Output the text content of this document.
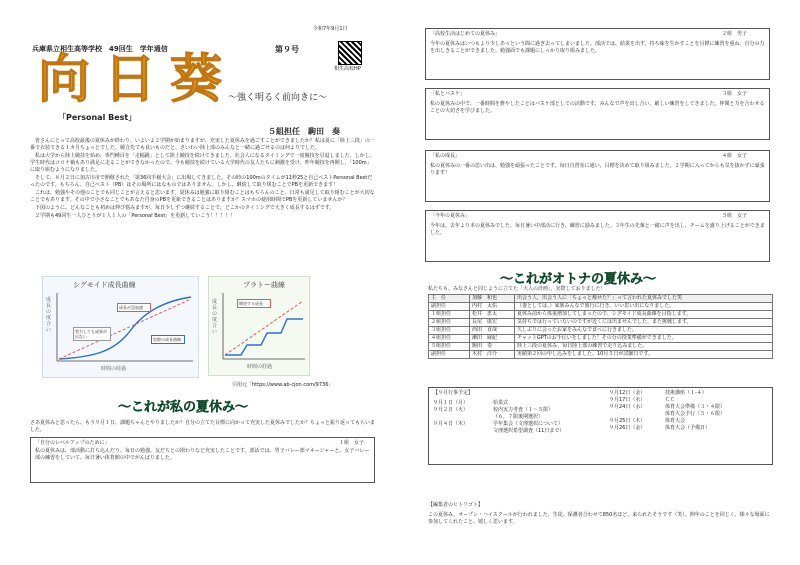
令和7年9月1日
兵庫県立相生高等学校　49回生　学年通信	第９号
相生高校HP
向 日 葵 ～強く明るく前向きに～
「Personal Best」
５組担任　駒田　奏

皆さんにとって高校最後の夏休みが終わり、いよいよ２学期が始まりますが、充実した夏休みを過ごすことができましたか？私は夏に「陸上三段」の一番で衣装できる１カ月ちょっとでした。競合先でも良いものだと、さいわい陸上部のみんなと一緒に過ごせるのは何よりでした。

私は大学から陸上競技を始め、専門種目を「走幅跳」として陸上競技を続けてきました。社会人になるタイミングで一度競技を引退しました。しかし、学生時代はコロナ禍もあり満足に走ることができなかったので、今も競技を続けている大学時代の友人たちに刺激を受け、昨年競技を再開し、「100m」に取り組むようになりました。

そして、８月２日に加古川市で開催された「第36回手稲大会」に出場してきました。その時の100mのタイムが11秒25と自己ベストPersonal Bestだったのです。もちろん、自己ベスト（PB）はその場所にはなものではありません。しかし、継続して取り組むことでPBを更新できます！

これは、勉強やその他のことでも同じことが言えると思います。夏休みは勉強に取り組むことはもちろんのこと、日常も満足して取り組むことが大切なことでもあります。その中で小さなことでもあなた自身のPBを更新できることはありますか？スマホの使用時間でPBを更新していませんか？

下図のように、どんなことも初めは伸び悩みますが、毎日少しずつ継続することで、どこかのタイミングで大きく成長するはずです。

２学期も49回生一人ひとりが１人１人の「Personal Best」を更新していこう！！！！！

シグモイド成長曲線
成長の度合い
時間の経過
努力しても成果が出ない
成長が急加速
実際の成長曲線
プラトー曲線
成長の度合い
時間の経過
期待する成長
引用元「https://www.ab-cjon.com/9736」
～これが私の夏休み～
さあ夏休みと思ったら、もう９月１日、課題ちゃんとやりましたか？自分の立てた目標に向かって充実した夏休みでしたか？ちょっと振り返ってもらいました。
「自分のレベルアップのために」	１組　女子
私の夏休みは、部活動に打ち込んだり、毎日の勉強。友だちとの関わりなど充実したことです。部活では、男子バレー部マネージャーと、女子バレー部の練習をしていて、毎日暑い体育館の中でがんばりました。
「高校生活はじめての夏休み」	２組　男子
今年の夏休みはいつもより少しあっという間に過ぎ去ってしまいました。部活では、結果を出す、持ち味を生かすことを目標に練習を重ね、自分の力を出しきることができました。勉強面でも課題にしっかり取り組みました。
「私とバスケ」	３組　女子
私の夏休みの中で、一番時間を費やしたことはバスケ部としての活動です。みんなで声を出し合い、厳しい練習をしてきました。仲間と力を合わせることの大切さを学びました。
「私の成長」	４組　女子
私の夏休みの一番の思い出は、勉強を頑張ったことです。毎日自習室に通い、目標を決めて取り組みました。２学期に入ってからも気を抜かずに頑張ります！
「今年の夏休み」	５組　女子
今年は、去年より本の夏休みでした。毎日暑い中部活に行き、練習に励みました。３年生の先輩と一緒に声を出し、チームを盛り上げることができました。
～これがオトナの夏休み～
私たちも、みなさんと同じように立てた「大人の計画」、実際しておりました！
主　任	加藤　和也	出会う人、出会う人に「ちょっと痩せた？」って言われた夏休みでした笑
副担任	内村　太佑	（妻としては、）家族みんなで旅行に行き、いい思い出になりました。
１組担任	松井　恵太	夏休み前から体重増加してしまったので、シグモイド成長曲線を目指します。
２組担任	長尾　康宏	気持ちでは行っていないのですが近くには出ませんでした、また挑戦します。
３組担任	西田　直哉	久しぶりに会ったお家をみんなで食べに行きました。
４組担任	瀬田　麻紀	チャットGPTのお手伝いをしました！その分の授業準備ができました。
５組担任	駒田　奏	陸上三段の夏休み、毎日陸上部の練習で走り込みました。
副担任	木村　洋介	実績第２回の申し込みをしました。10月５日が試験日です。
【９月行事予定】
９月１日（月）	始業式
９月２日（火）	校内実力考査（１～５限）
（６，７限後期選択）
９月４日（木）	学年集会（文理選択について）
文理選択希望調査（11日まで）
９月12日（金）	技術講座（１-４）
９月17日（水）	ＣＣ
９月24日（水）	体育大会準備（３・４限）
体育大会予行（５・６限）
９月25日（木）	体育大会
９月26日（金）	体育大会（予備日）
【編集者のヒトリゴト】
この夏休み、オープン・ハイスクールが行われました。生徒、保護者合わせて850名ほど、来られたそうです（笑）。例年のことを同じく、様々な場面に参加してくれたこと、嬉しく思います。
